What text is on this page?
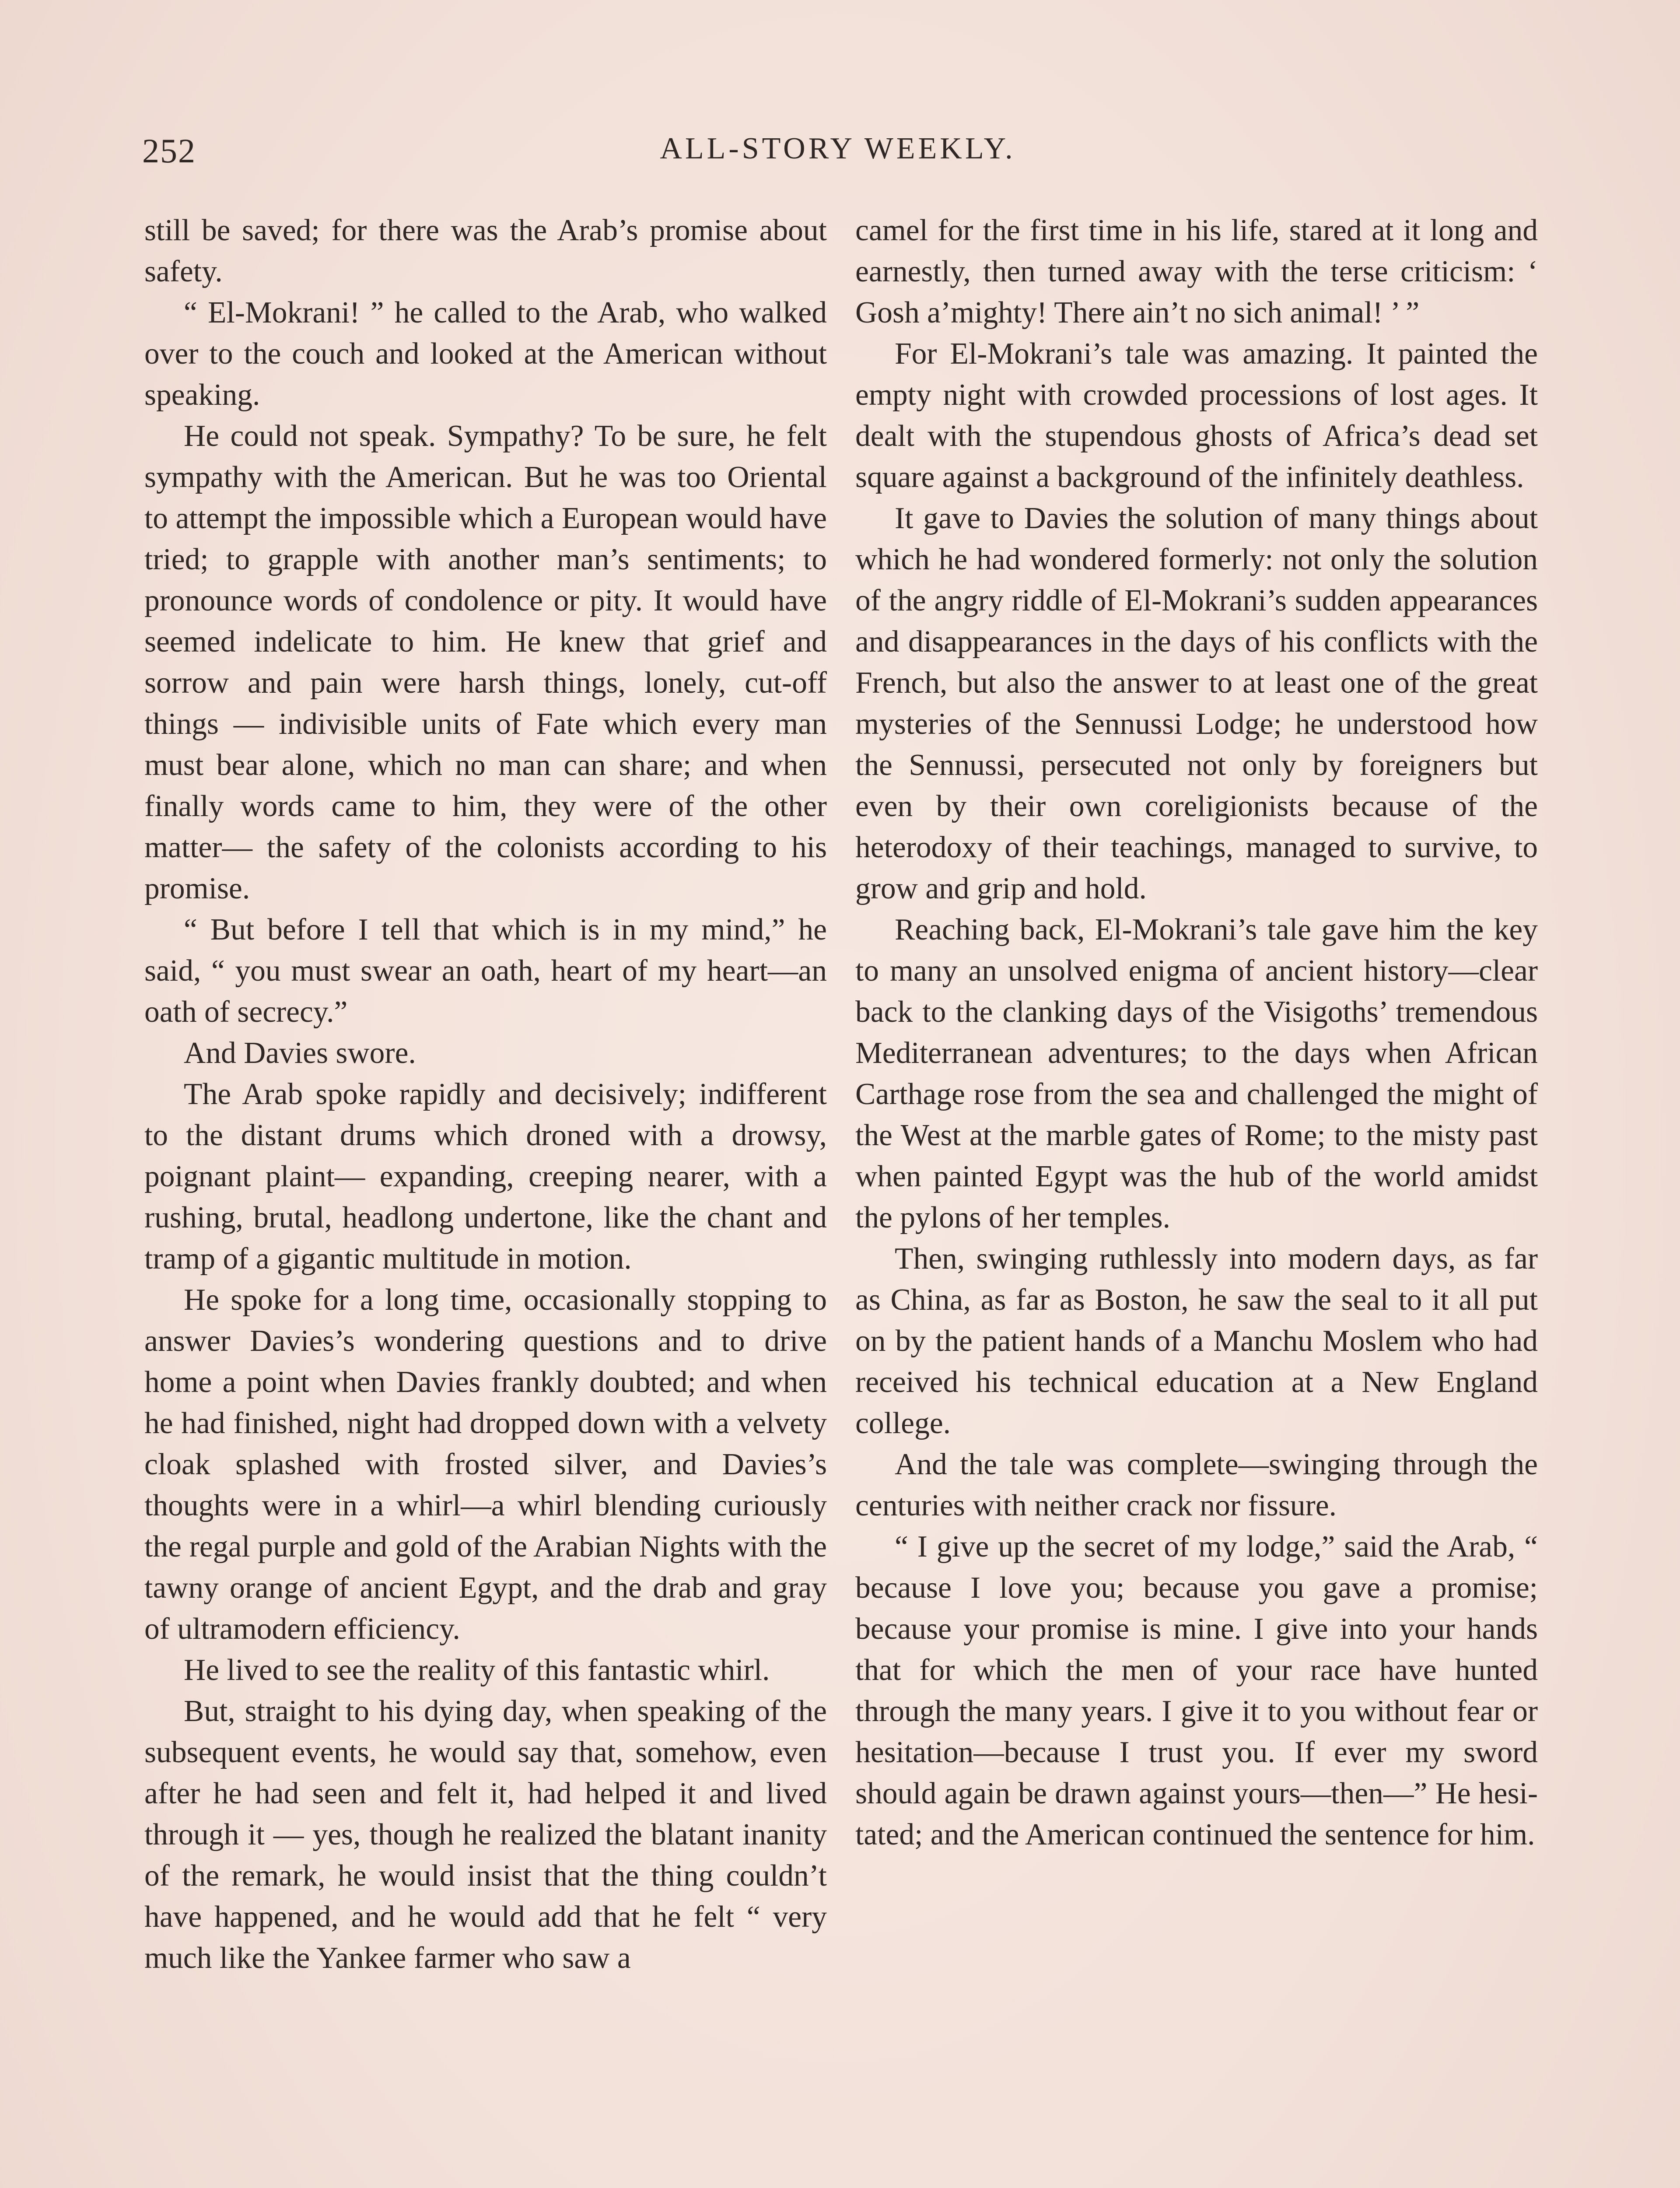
252	ALL-STORY WEEKLY.

still be saved; for there was the Arab’s promise about safety.

“ El-Mokrani! ” he called to the Arab, who walked over to the couch and looked at the American without speaking.

He could not speak. Sympathy? To be sure, he felt sympathy with the American. But he was too Oriental to attempt the impossible which a European would have tried; to grapple with another man’s sentiments; to pronounce words of condolence or pity. It would have seemed indelicate to him. He knew that grief and sorrow and pain were harsh things, lonely, cut-off things — indivisible units of Fate which every man must bear alone, which no man can share; and when finally words came to him, they were of the other matter— the safety of the colonists according to his promise.

“ But before I tell that which is in my mind,” he said, “ you must swear an oath, heart of my heart—an oath of secrecy.”

And Davies swore.

The Arab spoke rapidly and decisively; indifferent to the distant drums which droned with a drowsy, poignant plaint— expanding, creeping nearer, with a rushing, brutal, headlong undertone, like the chant and tramp of a gigantic multitude in motion.

He spoke for a long time, occasionally stopping to answer Davies’s wondering questions and to drive home a point when Davies frankly doubted; and when he had finished, night had dropped down with a velvety cloak splashed with frosted silver, and Davies’s thoughts were in a whirl—a whirl blending curiously the regal purple and gold of the Arabian Nights with the tawny orange of ancient Egypt, and the drab and gray of ultramodern efficiency.

He lived to see the reality of this fantastic whirl.

But, straight to his dying day, when speaking of the subsequent events, he would say that, somehow, even after he had seen and felt it, had helped it and lived through it — yes, though he realized the blatant inanity of the remark, he would insist that the thing couldn’t have happened, and he would add that he felt “ very much like the Yankee farmer who saw a

camel for the first time in his life, stared at it long and earnestly, then turned away with the terse criticism: ‘ Gosh a’mighty! There ain’t no sich animal! ’ ”

For El-Mokrani’s tale was amazing. It painted the empty night with crowded processions of lost ages. It dealt with the stupendous ghosts of Africa’s dead set square against a background of the infinitely deathless.

It gave to Davies the solution of many things about which he had wondered formerly: not only the solution of the angry riddle of El-Mokrani’s sudden appearances and disappearances in the days of his conflicts with the French, but also the answer to at least one of the great mysteries of the Sennussi Lodge; he understood how the Sennussi, persecuted not only by foreigners but even by their own coreligionists because of the heterodoxy of their teachings, managed to survive, to grow and grip and hold.

Reaching back, El-Mokrani’s tale gave him the key to many an unsolved enigma of ancient history—clear back to the clanking days of the Visigoths’ tremendous Mediterranean adventures; to the days when African Carthage rose from the sea and challenged the might of the West at the marble gates of Rome; to the misty past when painted Egypt was the hub of the world amidst the pylons of her temples.

Then, swinging ruthlessly into modern days, as far as China, as far as Boston, he saw the seal to it all put on by the patient hands of a Manchu Moslem who had received his technical education at a New England college.

And the tale was complete—swinging through the centuries with neither crack nor fissure.

“ I give up the secret of my lodge,” said the Arab, “ because I love you; because you gave a promise; because your promise is mine. I give into your hands that for which the men of your race have hunted through the many years. I give it to you without fear or hesitation—because I trust you. If ever my sword should again be drawn against yours—then—” He hesitated; and the American continued the sentence for him.
